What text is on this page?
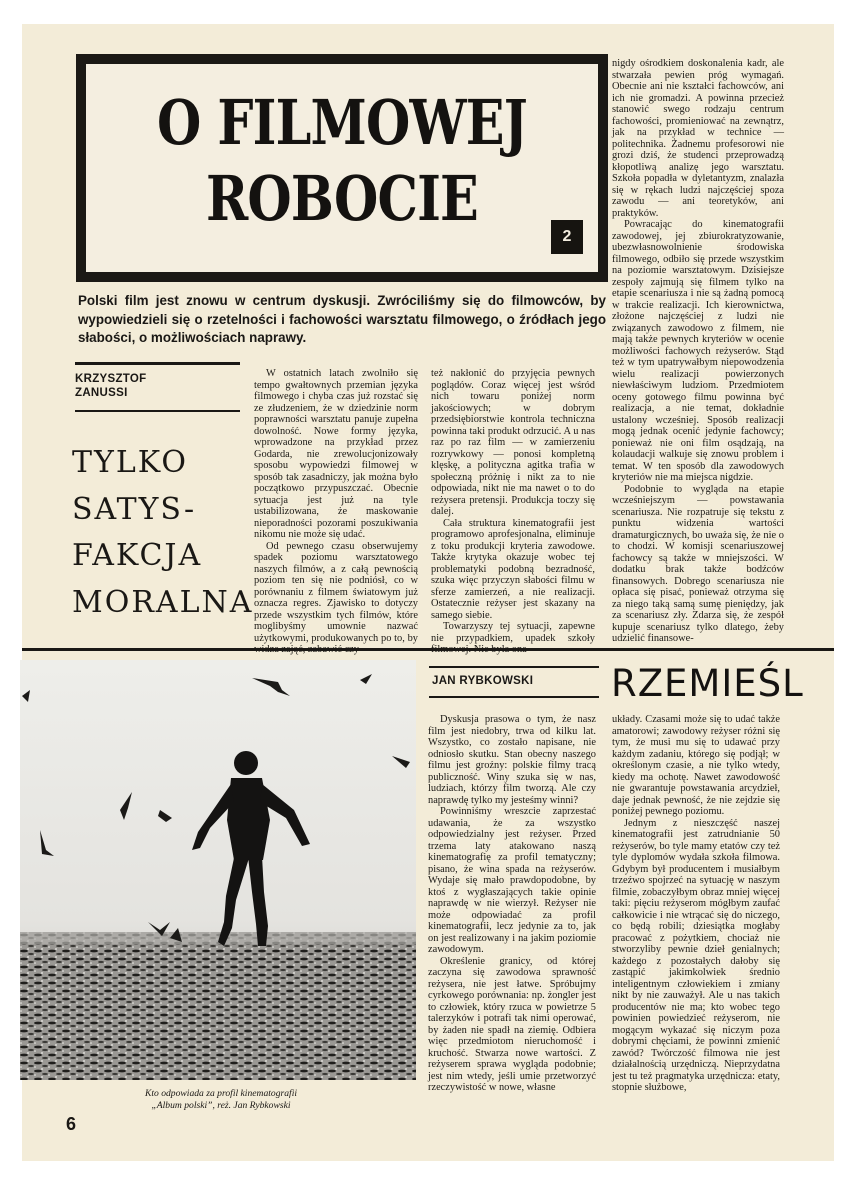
O FILMOWEJ
ROBOCIE
2
Polski film jest znowu w centrum dyskusji. Zwróciliśmy się do filmowców, by wypowiedzieli się o rzetelności i fachowości warsztatu filmowego, o źródłach jego słabości, o możliwościach naprawy.
KRZYSZTOF
ZANUSSI
TYLKO
SATYS-
FAKCJA
MORALNA

W ostatnich latach zwolniło się tempo gwałtownych przemian języka filmowego i chyba czas już rozstać się ze złudzeniem, że w dziedzinie norm poprawności warsztatu panuje zupełna dowolność. Nowe formy języka, wprowadzone na przykład przez Godarda, nie zrewolucjonizowały sposobu wypowiedzi filmowej w sposób tak zasadniczy, jak można było początkowo przypuszczać. Obecnie sytuacja jest już na tyle ustabilizowana, że maskowanie nieporadności pozorami poszukiwania nikomu nie może się udać.

Od pewnego czasu obserwujemy spadek poziomu warsztatowego naszych filmów, a z całą pewnością poziom ten się nie podniósł, co w porównaniu z filmem światowym już oznacza regres. Zjawisko to dotyczy przede wszystkim tych filmów, które moglibyśmy umownie nazwać użytkowymi, produkowanych po to, by

też nakłonić do przyjęcia pewnych poglądów. Coraz więcej jest wśród nich towaru poniżej norm jakościowych; w dobrym przedsiębiorstwie kontrola techniczna powinna taki produkt odrzucić. A u nas raz po raz film — w zamierzeniu rozrywkowy — ponosi kompletną klęskę, a polityczna agitka trafia w społeczną próżnię i nikt za to nie odpowiada, nikt nie ma nawet o to do reżysera pretensji. Produkcja toczy się dalej.

Cała struktura kinematografii jest programowo aprofesjonalna, eliminuje z toku produkcji kryteria zawodowe. Także krytyka okazuje wobec tej problematyki podobną bezradność, szuka więc przyczyn słabości filmu w sferze zamierzeń, a nie realizacji. Ostatecznie reżyser jest skazany na samego siebie.

Towarzyszy tej sytuacji, zapewne nie przypadkiem, upadek szkoły

nigdy ośrodkiem doskonalenia kadr, ale stwarzała pewien próg wymagań. Obecnie ani nie kształci fachowców, ani ich nie gromadzi. A powinna przecież stanowić swego rodzaju centrum fachowości, promieniować na zewnątrz, jak na przykład w technice — politechnika. Żadnemu profesorowi nie grozi dziś, że studenci przeprowadzą kłopotliwą analizę jego warsztatu. Szkoła popadła w dyletantyzm, znalazła się w rękach ludzi najczęściej spoza zawodu — ani teoretyków, ani praktyków.

Powracając do kinematografii zawodowej, jej zbiurokratyzowanie, ubezwłasnowolnienie środowiska filmowego, odbiło się przede wszystkim na poziomie warsztatowym. Dzisiejsze zespoły zajmują się filmem tylko na etapie scenariusza i nie są żadną pomocą w trakcie realizacji. Ich kierownictwa, złożone najczęściej z ludzi nie związanych zawodowo z filmem, nie mają także pewnych kryteriów w ocenie możliwości fachowych reżyserów. Stąd też w tym upatrywałbym niepowodzenia wielu realizacji powierzonych niewłaściwym ludziom. Przedmiotem oceny gotowego filmu powinna być realizacja, a nie temat, dokładnie ustalony wcześniej. Sposób realizacji mogą jednak ocenić jedynie fachowcy; ponieważ nie oni film osądzają, na kolaudacji walkuje się znowu problem i temat. W ten sposób dla zawodowych kryteriów nie ma miejsca nigdzie.

Podobnie to wygląda na etapie wcześniejszym — powstawania scenariusza. Nie rozpatruje się tekstu z punktu widzenia wartości dramaturgicznych, bo uważa się, że nie o to chodzi. W komisji scenariuszowej fachowcy są także w mniejszości. W dodatku brak także bodźców finansowych. Dobrego scenariusza nie opłaca się pisać, ponieważ otrzyma się za niego taką samą sumę pieniędzy, jak za scenariusz zły. Zdarza się, że zespół kupuje scenariusz tylko dlatego, żeby udzielić finansowe-

Kto odpowiada za profil kinematografii
„Album polski”, reż. Jan Rybkowski
JAN RYBKOWSKI RZEMIEŚL

Dyskusja prasowa o tym, że nasz film jest niedobry, trwa od kilku lat. Wszystko, co zostało napisane, nie odniosło skutku. Stan obecny naszego filmu jest groźny: polskie filmy tracą publiczność. Winy szuka się w nas, ludziach, którzy film tworzą. Ale czy naprawdę tylko my jesteśmy winni?

Powinniśmy wreszcie zaprzestać udawania, że za wszystko odpowiedzialny jest reżyser. Przed trzema laty atakowano naszą kinematografię za profil tematyczny; pisano, że wina spada na reżyserów. Wydaje się mało prawdopodobne, by ktoś z wygłaszających takie opinie naprawdę w nie wierzył. Reżyser nie może odpowiadać za profil kinematografii, lecz jedynie za to, jak on jest realizowany i na jakim poziomie zawodowym.

Określenie granicy, od której zaczyna się zawodowa sprawność reżysera, nie jest łatwe. Spróbujmy cyrkowego porównania: np. żongler jest to człowiek, który rzuca w powietrze 5 talerzyków i potrafi tak nimi operować, by żaden nie spadł na ziemię. Odbiera więc przedmiotom nieruchomość i kruchość. Stwarza nowe wartości. Z reżyserem sprawa wygląda podobnie; jest nim wtedy, jeśli umie przetworzyć rzeczywistość w nowe, własne

układy. Czasami może się to udać także amatorowi; zawodowy reżyser różni się tym, że musi mu się to udawać przy każdym zadaniu, którego się podjął; w określonym czasie, a nie tylko wtedy, kiedy ma ochotę. Nawet zawodowość nie gwarantuje powstawania arcydzieł, daje jednak pewność, że nie zejdzie się poniżej pewnego poziomu.

Jednym z nieszczęść naszej kinematografii jest zatrudnianie 50 reżyserów, bo tyle mamy etatów czy też tyle dyplomów wydała szkoła filmowa. Gdybym był producentem i musiałbym trzeźwo spojrzeć na sytuację w naszym filmie, zobaczyłbym obraz mniej więcej taki: pięciu reżyserom mógłbym zaufać całkowicie i nie wtrącać się do niczego, co będą robili; dziesiątka mogłaby pracować z pożytkiem, chociaż nie stworzyliby pewnie dzieł genialnych; każdego z pozostałych dałoby się zastąpić jakimkolwiek średnio inteligentnym człowiekiem i zmiany nikt by nie zauważył. Ale u nas takich producentów nie ma; kto wobec tego powinien powiedzieć reżyserom, nie mogącym wykazać się niczym poza dobrymi chęciami, że powinni zmienić zawód? Twórczość filmowa nie jest działalnością urzędniczą. Nieprzydatna jest tu też pragmatyka urzędnicza: etaty, stopnie służbowe,

6
